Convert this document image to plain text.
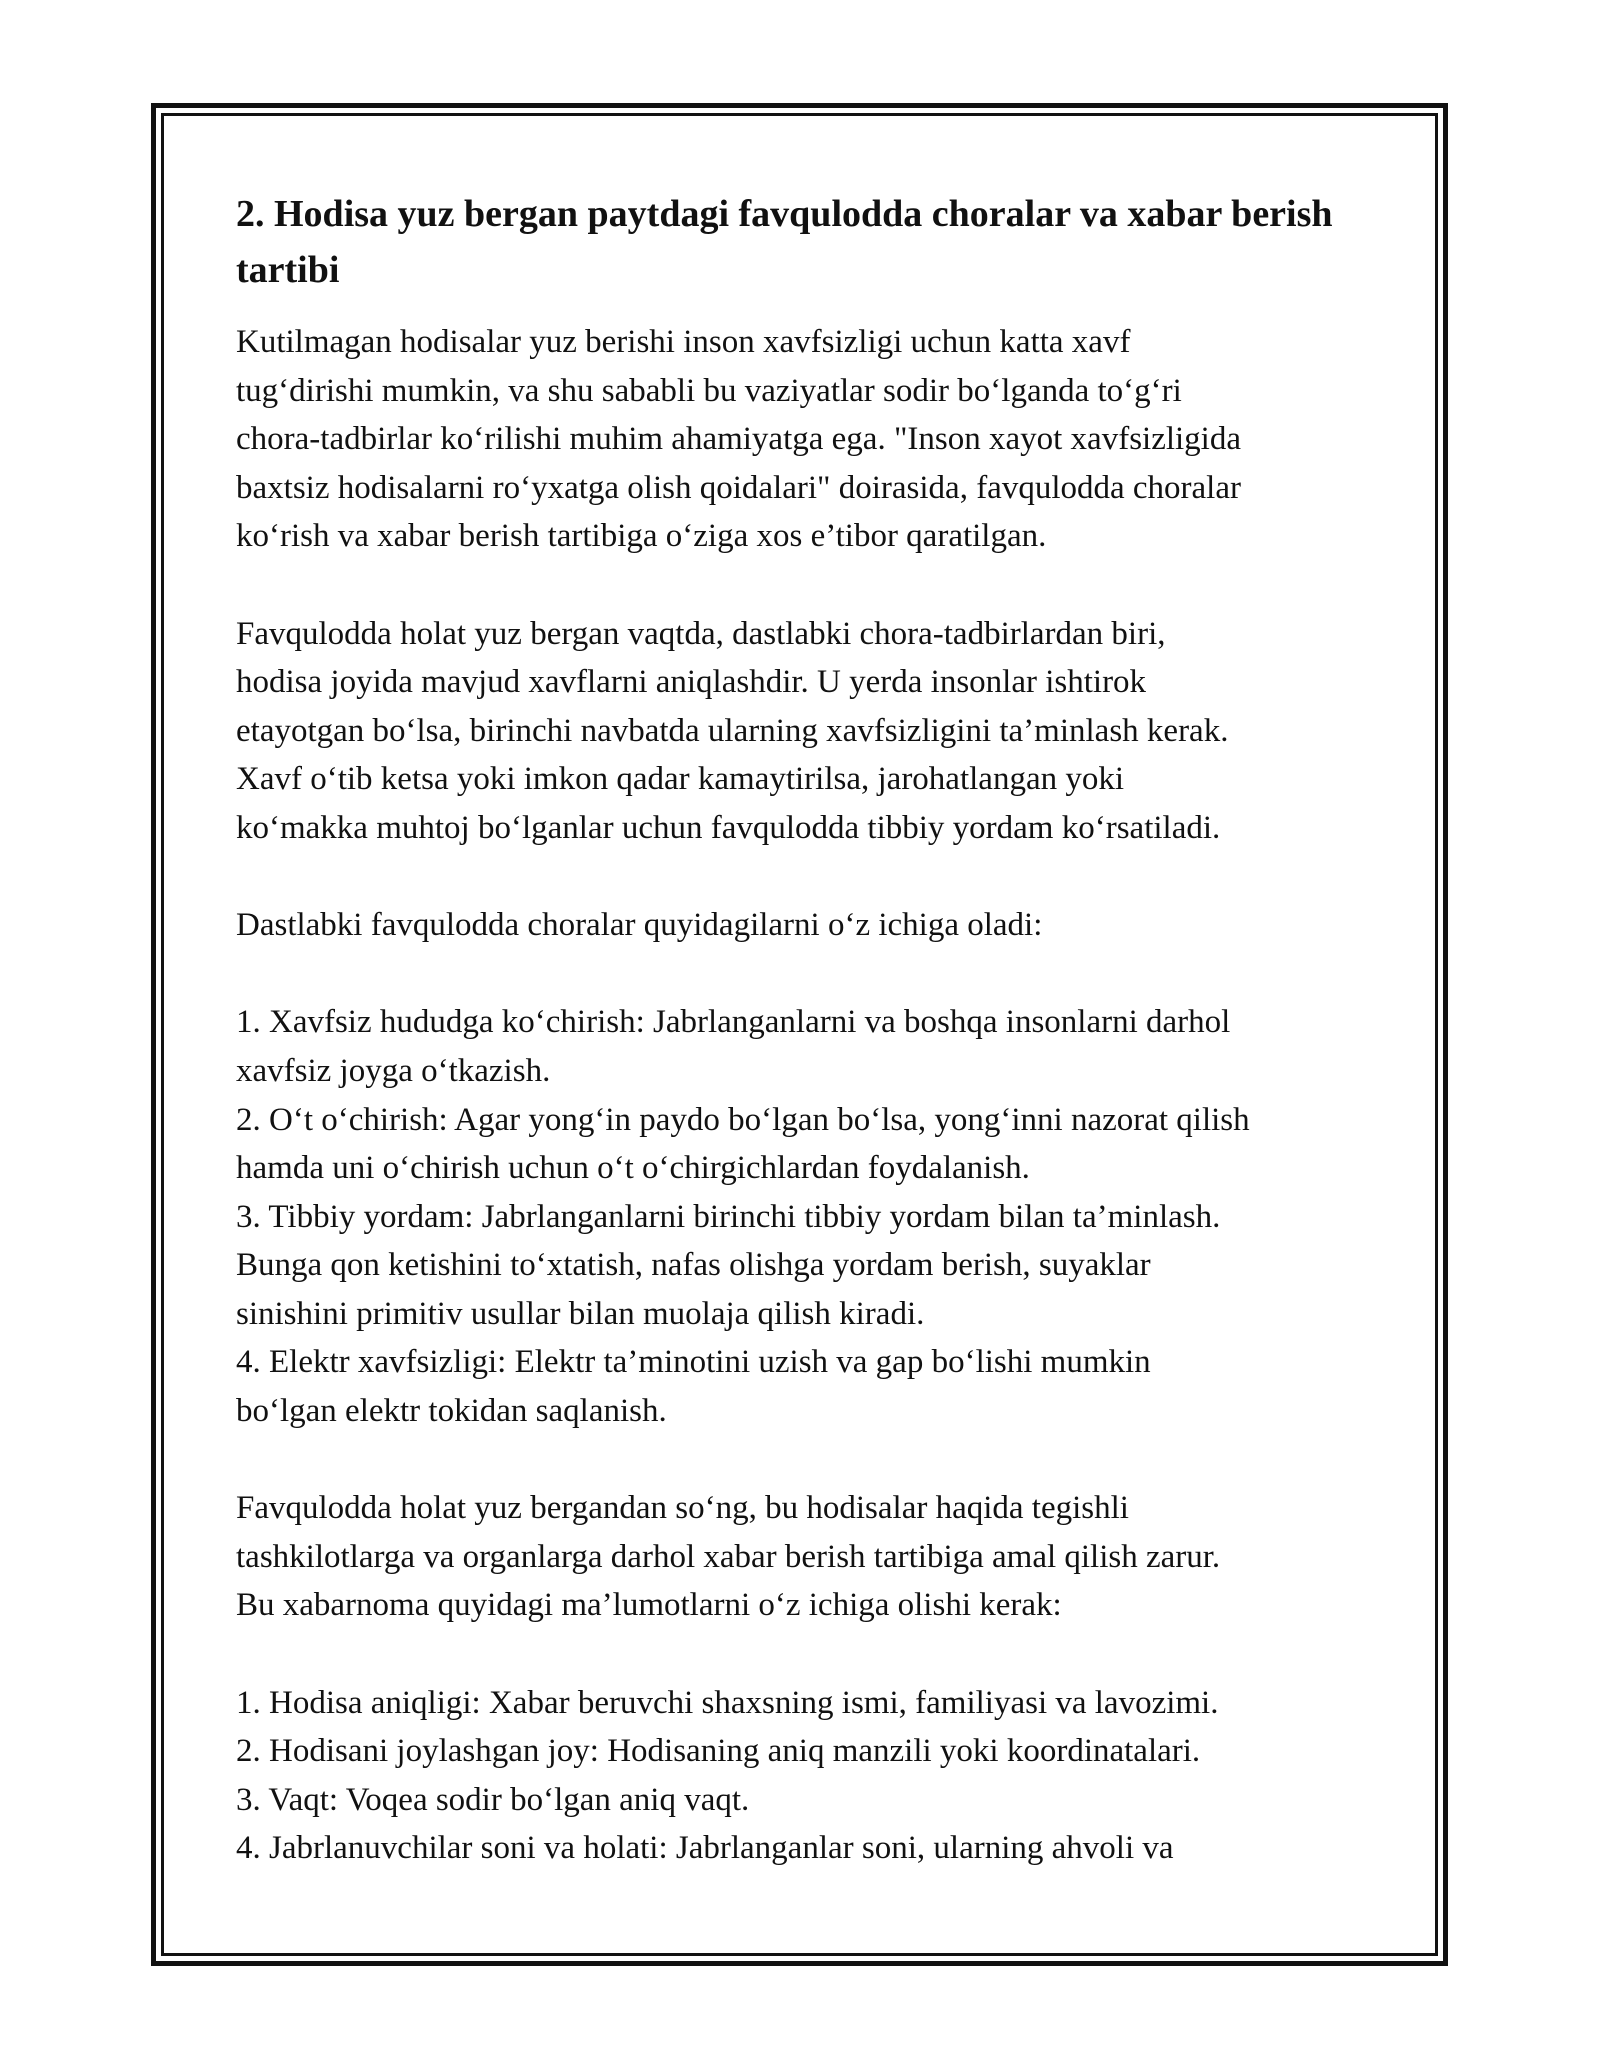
2. Hodisa yuz bergan paytdagi favqulodda choralar va xabar berish tartibi
Kutilmagan hodisalar yuz berishi inson xavfsizligi uchun katta xavf
tug‘dirishi mumkin, va shu sababli bu vaziyatlar sodir bo‘lganda to‘g‘ri
chora-tadbirlar ko‘rilishi muhim ahamiyatga ega. "Inson xayot xavfsizligida
baxtsiz hodisalarni ro‘yxatga olish qoidalari" doirasida, favqulodda choralar
ko‘rish va xabar berish tartibiga o‘ziga xos e’tibor qaratilgan.
Favqulodda holat yuz bergan vaqtda, dastlabki chora-tadbirlardan biri,
hodisa joyida mavjud xavflarni aniqlashdir. U yerda insonlar ishtirok
etayotgan bo‘lsa, birinchi navbatda ularning xavfsizligini ta’minlash kerak.
Xavf o‘tib ketsa yoki imkon qadar kamaytirilsa, jarohatlangan yoki
ko‘makka muhtoj bo‘lganlar uchun favqulodda tibbiy yordam ko‘rsatiladi.
Dastlabki favqulodda choralar quyidagilarni o‘z ichiga oladi:
1. Xavfsiz hududga ko‘chirish: Jabrlanganlarni va boshqa insonlarni darhol
xavfsiz joyga o‘tkazish.
2. O‘t o‘chirish: Agar yong‘in paydo bo‘lgan bo‘lsa, yong‘inni nazorat qilish
hamda uni o‘chirish uchun o‘t o‘chirgichlardan foydalanish.
3. Tibbiy yordam: Jabrlanganlarni birinchi tibbiy yordam bilan ta’minlash.
Bunga qon ketishini to‘xtatish, nafas olishga yordam berish, suyaklar
sinishini primitiv usullar bilan muolaja qilish kiradi.
4. Elektr xavfsizligi: Elektr ta’minotini uzish va gap bo‘lishi mumkin
bo‘lgan elektr tokidan saqlanish.
Favqulodda holat yuz bergandan so‘ng, bu hodisalar haqida tegishli
tashkilotlarga va organlarga darhol xabar berish tartibiga amal qilish zarur.
Bu xabarnoma quyidagi ma’lumotlarni o‘z ichiga olishi kerak:
1. Hodisa aniqligi: Xabar beruvchi shaxsning ismi, familiyasi va lavozimi.
2. Hodisani joylashgan joy: Hodisaning aniq manzili yoki koordinatalari.
3. Vaqt: Voqea sodir bo‘lgan aniq vaqt.
4. Jabrlanuvchilar soni va holati: Jabrlanganlar soni, ularning ahvoli va
